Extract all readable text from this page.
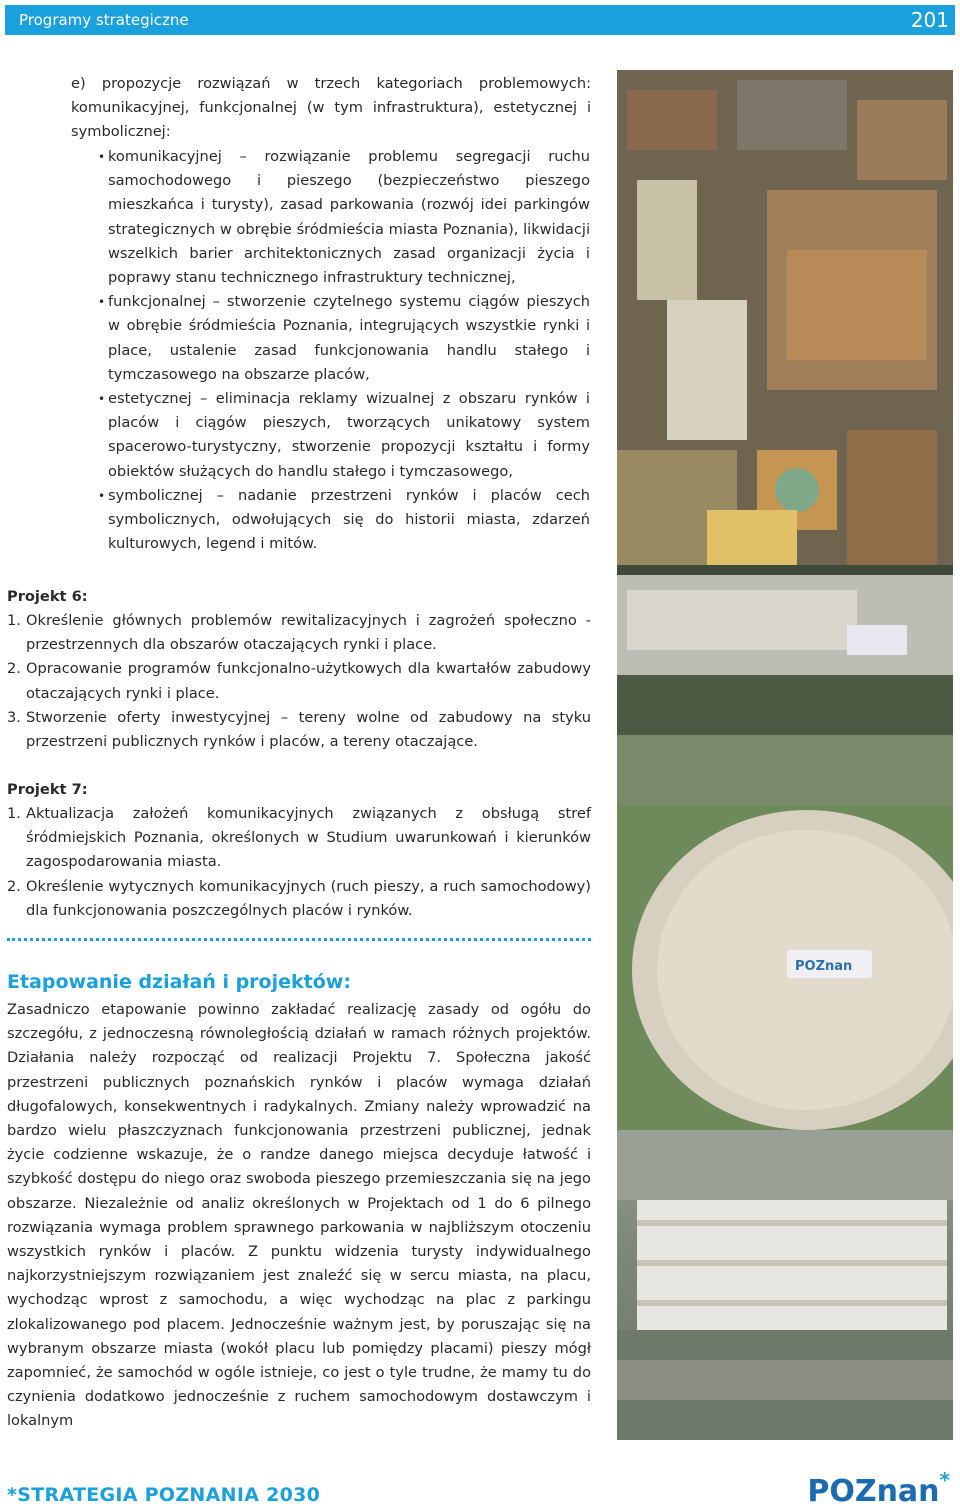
Programy strategiczne	201
POZnan
e) propozycje rozwiązań w trzech kategoriach problemowych: komunikacyjnej, funkcjonalnej (w tym infrastruktura), estetycznej i symbolicznej:
• komunikacyjnej – rozwiązanie problemu segregacji ruchu samochodowego i pieszego (bezpieczeństwo pieszego mieszkańca i turysty), zasad parkowania (rozwój idei parkingów strategicznych w obrębie śródmieścia miasta Poznania), likwidacji wszelkich barier architektonicznych zasad organizacji życia i poprawy stanu technicznego infrastruktury technicznej,
• funkcjonalnej – stworzenie czytelnego systemu ciągów pieszych w obrębie śródmieścia Poznania, integrujących wszystkie rynki i place, ustalenie zasad funkcjonowania handlu stałego i tymczasowego na obszarze placów,
• estetycznej – eliminacja reklamy wizualnej z obszaru rynków i placów i ciągów pieszych, tworzących unikatowy system spacerowo-turystyczny, stworzenie propozycji kształtu i formy obiektów służących do handlu stałego i tymczasowego,
• symbolicznej – nadanie przestrzeni rynków i placów cech symbolicznych, odwołujących się do historii miasta, zdarzeń kulturowych, legend i mitów.
Projekt 6:
1. Określenie głównych problemów rewitalizacyjnych i zagrożeń społeczno - przestrzennych dla obszarów otaczających rynki i place.
2. Opracowanie programów funkcjonalno-użytkowych dla kwartałów zabudowy otaczających rynki i place.
3. Stworzenie oferty inwestycyjnej – tereny wolne od zabudowy na styku przestrzeni publicznych rynków i placów, a tereny otaczające.
Projekt 7:
1. Aktualizacja założeń komunikacyjnych związanych z obsługą stref śródmiejskich Poznania, określonych w Studium uwarunkowań i kierunków zagospodarowania miasta.
2. Określenie wytycznych komunikacyjnych (ruch pieszy, a ruch samochodowy) dla funkcjonowania poszczególnych placów i rynków.
Etapowanie działań i projektów:

Zasadniczo etapowanie powinno zakładać realizację zasady od ogółu do szczegółu, z jednoczesną równoległością działań w ramach różnych projektów. Działania należy rozpocząć od realizacji Projektu 7. Społeczna jakość przestrzeni publicznych poznańskich rynków i placów wymaga działań długofalowych, konsekwentnych i radykalnych. Zmiany należy wprowadzić na bardzo wielu płaszczyznach funkcjonowania przestrzeni publicznej, jednak życie codzienne wskazuje, że o randze danego miejsca decyduje łatwość i szybkość dostępu do niego oraz swoboda pieszego przemieszczania się na jego obszarze. Niezależnie od analiz określonych w Projektach od 1 do 6 pilnego rozwiązania wymaga problem sprawnego parkowania w najbliższym otoczeniu wszystkich rynków i placów. Z punktu widzenia turysty indywidualnego najkorzystniejszym rozwiązaniem jest znaleźć się w sercu miasta, na placu, wychodząc wprost z samochodu, a więc wychodząc na plac z parkingu zlokalizowanego pod placem. Jednocześnie ważnym jest, by poruszając się na wybranym obszarze miasta (wokół placu lub pomiędzy placami) pieszy mógł zapomnieć, że samochód w ogóle istnieje, co jest o tyle trudne, że mamy tu do czynienia dodatkowo jednocześnie z ruchem samochodowym dostawczym i lokalnym

*STRATEGIA POZNANIA 2030	POZnan*
